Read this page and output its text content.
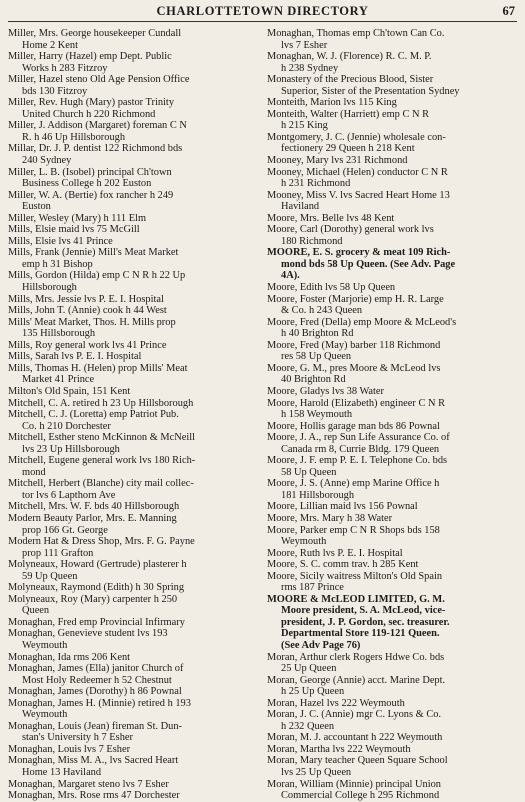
CHARLOTTETOWN DIRECTORY	67
Miller, Mrs. George housekeeper Cundall
Home 2 Kent
Miller, Harry (Hazel) emp Dept. Public
Works h 283 Fitzroy
Miller, Hazel steno Old Age Pension Office
bds 130 Fitzroy
Miller, Rev. Hugh (Mary) pastor Trinity
United Church h 220 Richmond
Miller, J. Addison (Margaret) foreman C N
R. h 46 Up Hillsborough
Millar, Dr. J. P. dentist 122 Richmond bds
240 Sydney
Miller, L. B. (Isobel) principal Ch'town
Business College h 202 Euston
Miller, W. A. (Bertie) fox rancher h 249
Euston
Miller, Wesley (Mary) h 111 Elm
Mills, Elsie maid lvs 75 McGill
Mills, Elsie lvs 41 Prince
Mills, Frank (Jennie) Mill's Meat Market
emp h 31 Bishop
Mills, Gordon (Hilda) emp C N R h 22 Up
Hillsborough
Mills, Mrs. Jessie lvs P. E. I. Hospital
Mills, John T. (Annie) cook h 44 West
Mills' Meat Market, Thos. H. Mills prop
135 Hillsborough
Mills, Roy general work lvs 41 Prince
Mills, Sarah lvs P. E. I. Hospital
Mills, Thomas H. (Helen) prop Mills' Meat
Market 41 Prince
Milton's Old Spain, 151 Kent
Mitchell, C. A. retired h 23 Up Hillsborough
Mitchell, C. J. (Loretta) emp Patriot Pub.
Co. h 210 Dorchester
Mitchell, Esther steno McKinnon & McNeill
lvs 23 Up Hillsborough
Mitchell, Eugene general work lvs 180 Rich-
mond
Mitchell, Herbert (Blanche) city mail collec-
tor lvs 6 Lapthorn Ave
Mitchell, Mrs. W. F. bds 40 Hillsborough
Modern Beauty Parlor, Mrs. E. Manning
prop 166 Gt. George
Modern Hat & Dress Shop, Mrs. F. G. Payne
prop 111 Grafton
Molyneaux, Howard (Gertrude) plasterer h
59 Up Queen
Molyneaux, Raymond (Edith) h 30 Spring
Molyneaux, Roy (Mary) carpenter h 250
Queen
Monaghan, Fred emp Provincial Infirmary
Monaghan, Genevieve student lvs 193
Weymouth
Monaghan, Ida rms 206 Kent
Monaghan, James (Ella) janitor Church of
Most Holy Redeemer h 52 Chestnut
Monaghan, James (Dorothy) h 86 Pownal
Monaghan, James H. (Minnie) retired h 193
Weymouth
Monaghan, Louis (Jean) fireman St. Dun-
stan's University h 7 Esher
Monaghan, Louis lvs 7 Esher
Monaghan, Miss M. A., lvs Sacred Heart
Home 13 Haviland
Monaghan, Margaret steno lvs 7 Esher
Monaghan, Mrs. Rose rms 47 Dorchester
Monaghan, Thomas emp Ch'town Can Co.
lvs 7 Esher
Monaghan, W. J. (Florence) R. C. M. P.
h 238 Sydney
Monastery of the Precious Blood, Sister
Superior, Sister of the Presentation Sydney
Monteith, Marion lvs 115 King
Monteith, Walter (Harriett) emp C N R
h 215 King
Montgomery, J. C. (Jennie) wholesale con-
fectionery 29 Queen h 218 Kent
Mooney, Mary lvs 231 Richmond
Mooney, Michael (Helen) conductor C N R
h 231 Richmond
Mooney, Miss V. lvs Sacred Heart Home 13
Haviland
Moore, Mrs. Belle lvs 48 Kent
Moore, Carl (Dorothy) general work lvs
180 Richmond
MOORE, E. S. grocery & meat 109 Rich-
mond bds 58 Up Queen. (See Adv. Page
4A).
Moore, Edith lvs 58 Up Queen
Moore, Foster (Marjorie) emp H. R. Large
& Co. h 243 Queen
Moore, Fred (Della) emp Moore & McLeod's
h 40 Brighton Rd
Moore, Fred (May) barber 118 Richmond
res 58 Up Queen
Moore, G. M., pres Moore & McLeod lvs
40 Brighton Rd
Moore, Gladys lvs 38 Water
Moore, Harold (Elizabeth) engineer C N R
h 158 Weymouth
Moore, Hollis garage man bds 86 Pownal
Moore, J. A., rep Sun Life Assurance Co. of
Canada rm 8, Currie Bldg. 179 Queen
Moore, J. F. emp P. E. I. Telephone Co. bds
58 Up Queen
Moore, J. S. (Anne) emp Marine Office h
181 Hillsborough
Moore, Lillian maid lvs 156 Pownal
Moore, Mrs. Mary h 38 Water
Moore, Parker emp C N R Shops bds 158
Weymouth
Moore, Ruth lvs P. E. I. Hospital
Moore, S. C. comm trav. h 285 Kent
Moore, Sicily waitress Milton's Old Spain
rms 187 Prince
MOORE & McLEOD LIMITED, G. M.
Moore president, S. A. McLeod, vice-
president, J. P. Gordon, sec. treasurer.
Departmental Store 119-121 Queen.
(See Adv Page 76)
Moran, Arthur clerk Rogers Hdwe Co. bds
25 Up Queen
Moran, George (Annie) acct. Marine Dept.
h 25 Up Queen
Moran, Hazel lvs 222 Weymouth
Moran, J. C. (Annie) mgr C. Lyons & Co.
h 232 Queen
Moran, M. J. accountant h 222 Weymouth
Moran, Martha lvs 222 Weymouth
Moran, Mary teacher Queen Square School
lvs 25 Up Queen
Moran, William (Minnie) principal Union
Commercial College h 295 Richmond
